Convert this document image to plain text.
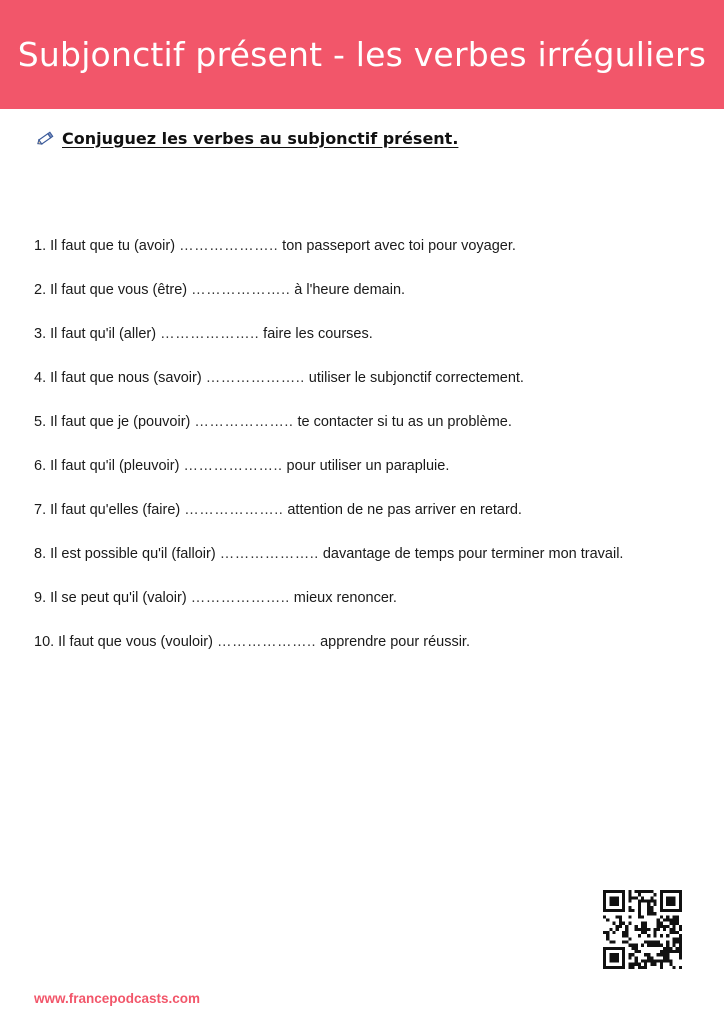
Subjonctif présent - les verbes irréguliers
Conjuguez les verbes au subjonctif présent.
1. Il faut que tu (avoir) ……………….. ton passeport avec toi pour voyager.
2. Il faut que vous (être) ……………….. à l'heure demain.
3. Il faut qu'il (aller) ……………….. faire les courses.
4. Il faut que nous (savoir) ……………….. utiliser le subjonctif correctement.
5. Il faut que je (pouvoir) ……………….. te contacter si tu as un problème.
6. Il faut qu'il (pleuvoir) ……………….. pour utiliser un parapluie.
7. Il faut qu'elles (faire) ……………….. attention de ne pas arriver en retard.
8. Il est possible qu'il (falloir) ……………….. davantage de temps pour terminer mon travail.
9. Il se peut qu'il (valoir) ……………….. mieux renoncer.
10. Il faut que vous (vouloir) ……………….. apprendre pour réussir.
www.francepodcasts.com
